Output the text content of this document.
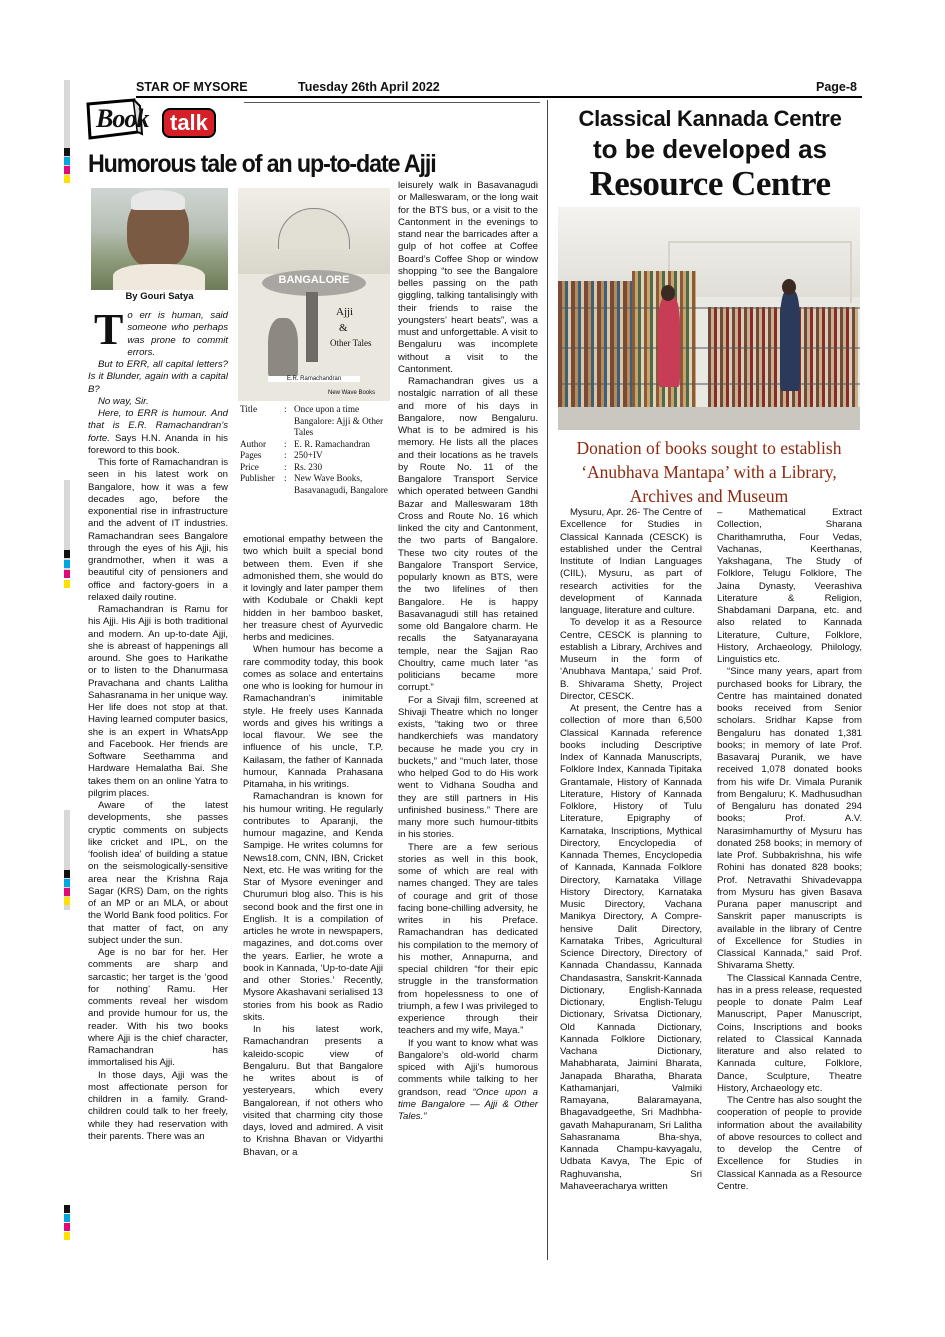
STAR OF MYSORE	Tuesday 26th April 2022	Page-8
Book talk
Humorous tale of an up-to-date Ajji
By Gouri Satya
BANGALORE
Ajji
&
Other Tales
E.R. Ramachandran
New Wave Books
Title	:	Once upon a time Bangalore: Ajji & Other Tales
Author	:	E. R. Ramachandran
Pages	:	250+IV
Price	:	Rs. 230
Publisher	:	New Wave Books, Basavanagudi, Bangalore
T o err is human, said someone who perhaps was prone to commit errors.

But to ERR, all capital letters? Is it Blunder, again with a capital B?

No way, Sir.

Here, to ERR is humour. And that is E.R. Ramachandran’s forte. Says H.N. Ananda in his foreword to this book.

This forte of Ramachandran is seen in his latest work on Bangalore, how it was a few decades ago, before the exponential rise in infrastructure and the advent of IT industries. Ramachandran sees Bangalore through the eyes of his Ajji, his grandmother, when it was a beautiful city of pensioners and office and factory-goers in a relaxed daily routine.

Ramachandran is Ramu for his Ajji. His Ajji is both traditional and modern. An up-to-date Ajji, she is abreast of happenings all around. She goes to Harikathe or to listen to the Dhanurmasa Pravachana and chants Lalitha Sahasranama in her unique way. Her life does not stop at that. Having learned computer basics, she is an expert in WhatsApp and Facebook. Her friends are Software Seethamma and Hardware Hemalatha Bai. She takes them on an online Yatra to pilgrim places.

Aware of the latest developments, she passes cryptic comments on subjects like cricket and IPL, on the ‘foolish idea’ of building a statue on the seismologically-sensitive area near the Krishna Raja Sagar (KRS) Dam, on the rights of an MP or an MLA, or about the World Bank food politics. For that matter of fact, on any subject under the sun.

Age is no bar for her. Her comments are sharp and sarcastic; her target is the ‘good for nothing’ Ramu. Her comments reveal her wisdom and provide humour for us, the reader. With his two books where Ajji is the chief character, Ramachandran has immortalised his Ajji.

In those days, Ajji was the most affectionate person for children in a family. Grand-children could talk to her freely, while they had reservation with their parents. There was an

emotional empathy between the two which built a special bond between them. Even if she admonished them, she would do it lovingly and later pamper them with Kodubale or Chakli kept hidden in her bamboo basket, her treasure chest of Ayurvedic herbs and medicines.

When humour has become a rare commodity today, this book comes as solace and entertains one who is looking for humour in Ramachandran’s inimitable style. He freely uses Kannada words and gives his writings a local flavour. We see the influence of his uncle, T.P. Kailasam, the father of Kannada humour, Kannada Prahasana Pitamaha, in his writings.

Ramachandran is known for his humour writing. He regularly contributes to Aparanji, the humour magazine, and Kenda Sampige. He writes columns for News18.com, CNN, IBN, Cricket Next, etc. He was writing for the Star of Mysore eveninger and Churumuri blog also. This is his second book and the first one in English. It is a compilation of articles he wrote in newspapers, magazines, and dot.coms over the years. Earlier, he wrote a book in Kannada, ‘Up-to-date Ajji and other Stories.’ Recently, Mysore Akashavani serialised 13 stories from his book as Radio skits.

In his latest work, Ramachandran presents a kaleido-scopic view of Bengaluru. But that Bangalore he writes about is of yesteryears, which every Bangalorean, if not others who visited that charming city those days, loved and admired. A visit to Krishna Bhavan or Vidyarthi Bhavan, or a

leisurely walk in Basavanagudi or Malleswaram, or the long wait for the BTS bus, or a visit to the Cantonment in the evenings to stand near the barricades after a gulp of hot coffee at Coffee Board’s Coffee Shop or window shopping “to see the Bangalore belles passing on the path giggling, talking tantalisingly with their friends to raise the youngsters’ heart beats”, was a must and unforgettable. A visit to Bengaluru was incomplete without a visit to the Cantonment.

Ramachandran gives us a nostalgic narration of all these and more of his days in Bangalore, now Bengaluru. What is to be admired is his memory. He lists all the places and their locations as he travels by Route No. 11 of the Bangalore Transport Service which operated between Gandhi Bazar and Malleswaram 18th Cross and Route No. 16 which linked the city and Cantonment, the two parts of Bangalore. These two city routes of the Bangalore Transport Service, popularly known as BTS, were the two lifelines of then Bangalore. He is happy Basavanagudi still has retained some old Bangalore charm. He recalls the Satyanarayana temple, near the Sajjan Rao Choultry, came much later “as politicians became more corrupt.”

For a Sivaji film, screened at Shivaji Theatre which no longer exists, “taking two or three handkerchiefs was mandatory because he made you cry in buckets,” and “much later, those who helped God to do His work went to Vidhana Soudha and they are still partners in His unfinished business.” There are many more such humour-titbits in his stories.

There are a few serious stories as well in this book, some of which are real with names changed. They are tales of courage and grit of those facing bone-chilling adversity, he writes in his Preface. Ramachandran has dedicated his compilation to the memory of his mother, Annapurna, and special children “for their epic struggle in the transformation from hopelessness to one of triumph, a few I was privileged to experience through their teachers and my wife, Maya.”

If you want to know what was Bangalore’s old-world charm spiced with Ajji’s humorous comments while talking to her grandson, read “Once upon a time Bangalore — Ajji & Other Tales.”

Classical Kannada Centre
to be developed as
Resource Centre
Donation of books sought to establish ‘Anubhava Mantapa’ with a Library, Archives and Museum

Mysuru, Apr. 26- The Centre of Excellence for Studies in Classical Kannada (CESCK) is established under the Central Institute of Indian Languages (CIIL), Mysuru, as part of research activities for the development of Kannada language, literature and culture.

To develop it as a Resource Centre, CESCK is planning to establish a Library, Archives and Museum in the form of ‘Anubhava Mantapa,’ said Prof. B. Shivarama Shetty, Project Director, CESCK.

At present, the Centre has a collection of more than 6,500 Classical Kannada reference books including Descriptive Index of Kannada Manuscripts, Folklore Index, Kannada Tipitaka Grantamale, History of Kannada Literature, History of Kannada Folklore, History of Tulu Literature, Epigraphy of Karnataka, Inscriptions, Mythical Directory, Encyclopedia of Kannada Themes, Encyclopedia of Kannada, Kannada Folklore Directory, Karnataka Village History Directory, Karnataka Music Directory, Vachana Manikya Directory, A Compre-hensive Dalit Directory, Karnataka Tribes, Agricultural Science Directory, Directory of Kannada Chandassu, Kannada Chandasastra, Sanskrit-Kannada Dictionary, English-Kannada Dictionary, English-Telugu Dictionary, Srivatsa Dictionary, Old Kannada Dictionary, Kannada Folklore Dictionary, Vachana Dictionary, Mahabharata, Jaimini Bharata, Janapada Bharatha, Bharata Kathamanjari, Valmiki Ramayana, Balaramayana, Bhagavadgeethe, Sri Madhbha-gavath Mahapuranam, Sri Lalitha Sahasranama Bha-shya, Kannada Champu-kavyagalu, Udbata Kavya, The Epic of Raghuvansha, Sri Mahaveeracharya written

– Mathematical Extract Collection, Sharana Charithamrutha, Four Vedas, Vachanas, Keerthanas, Yakshagana, The Study of Folklore, Telugu Folklore, The Jaina Dynasty, Veerashiva Literature & Religion, Shabdamani Darpana, etc. and also related to Kannada Literature, Culture, Folklore, History, Archaeology, Philology, Linguistics etc.

“Since many years, apart from purchased books for Library, the Centre has maintained donated books received from Senior scholars. Sridhar Kapse from Bengaluru has donated 1,381 books; in memory of late Prof. Basavaraj Puranik, we have received 1,078 donated books from his wife Dr. Vimala Puranik from Bengaluru; K. Madhusudhan of Bengaluru has donated 294 books; Prof. A.V. Narasimhamurthy of Mysuru has donated 258 books; in memory of late Prof. Subbakrishna, his wife Rohini has donated 828 books; Prof. Netravathi Shivadevappa from Mysuru has given Basava Purana paper manuscript and Sanskrit paper manuscripts is available in the library of Centre of Excellence for Studies in Classical Kannada,” said Prof. Shivarama Shetty.

The Classical Kannada Centre, has in a press release, requested people to donate Palm Leaf Manuscript, Paper Manuscript, Coins, Inscriptions and books related to Classical Kannada literature and also related to Kannada culture, Folklore, Dance, Sculpture, Theatre History, Archaeology etc.

The Centre has also sought the cooperation of people to provide information about the availability of above resources to collect and to develop the Centre of Excellence for Studies in Classical Kannada as a Resource Centre.
